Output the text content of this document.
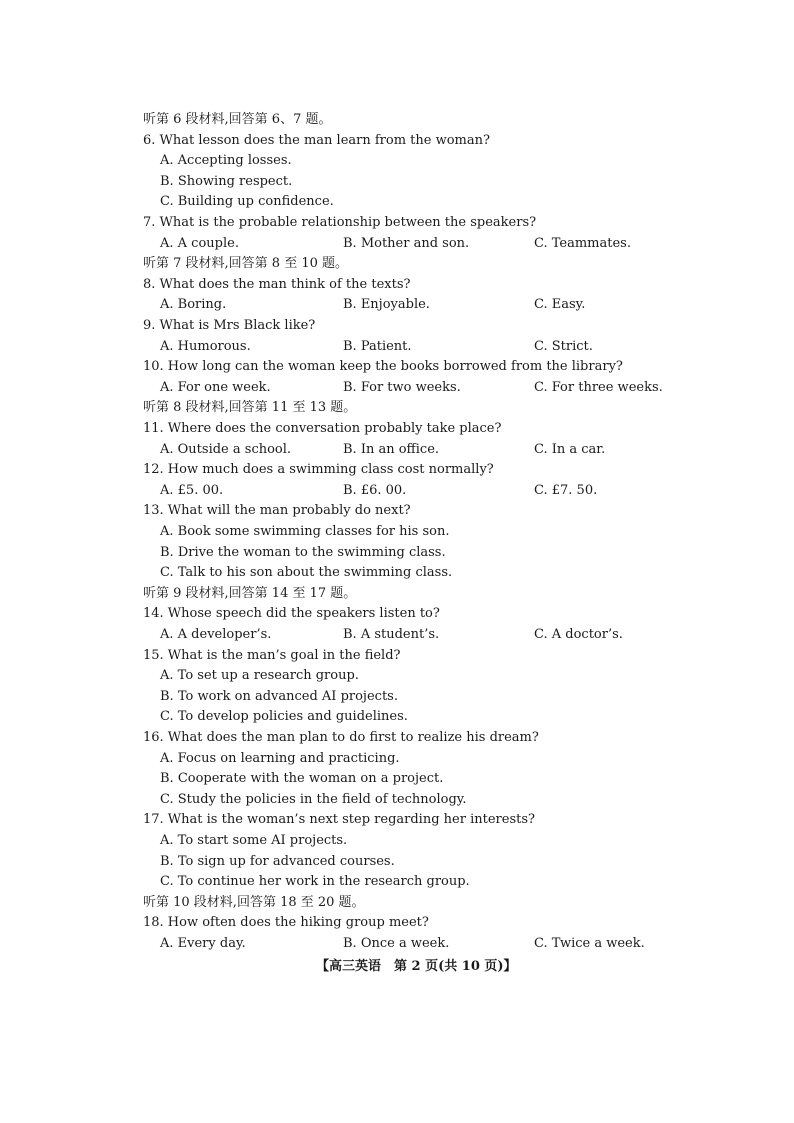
【高三英语　第 2 页(共 10 页)】
听第 6 段材料,回答第 6、7 题。
6. What lesson does the man learn from the woman?
A. Accepting losses.
B. Showing respect.
C. Building up confidence.
7. What is the probable relationship between the speakers?
A. A couple.	B. Mother and son.	C. Teammates.
听第 7 段材料,回答第 8 至 10 题。
8. What does the man think of the texts?
A. Boring.	B. Enjoyable.	C. Easy.
9. What is Mrs Black like?
A. Humorous.	B. Patient.	C. Strict.
10. How long can the woman keep the books borrowed from the library?
A. For one week.	B. For two weeks.	C. For three weeks.
听第 8 段材料,回答第 11 至 13 题。
11. Where does the conversation probably take place?
A. Outside a school.	B. In an office.	C. In a car.
12. How much does a swimming class cost normally?
A. £5. 00.	B. £6. 00.	C. £7. 50.
13. What will the man probably do next?
A. Book some swimming classes for his son.
B. Drive the woman to the swimming class.
C. Talk to his son about the swimming class.
听第 9 段材料,回答第 14 至 17 题。
14. Whose speech did the speakers listen to?
A. A developer’s.	B. A student’s.	C. A doctor’s.
15. What is the man’s goal in the field?
A. To set up a research group.
B. To work on advanced AI projects.
C. To develop policies and guidelines.
16. What does the man plan to do first to realize his dream?
A. Focus on learning and practicing.
B. Cooperate with the woman on a project.
C. Study the policies in the field of technology.
17. What is the woman’s next step regarding her interests?
A. To start some AI projects.
B. To sign up for advanced courses.
C. To continue her work in the research group.
听第 10 段材料,回答第 18 至 20 题。
18. How often does the hiking group meet?
A. Every day.	B. Once a week.	C. Twice a week.
